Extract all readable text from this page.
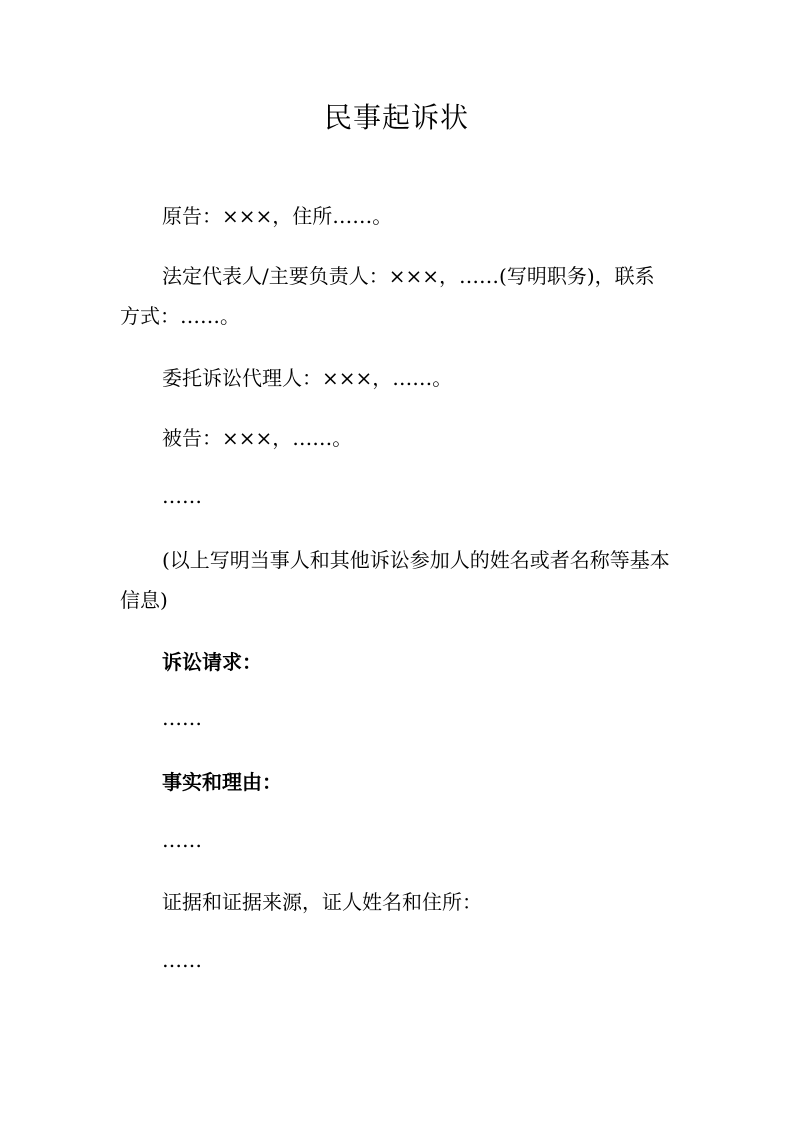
民事起诉状
原告：×××，住所……。
法定代表人/主要负责人：×××，……(写明职务)，联系方式：……。
委托诉讼代理人：×××，……。
被告：×××，……。
……
(以上写明当事人和其他诉讼参加人的姓名或者名称等基本信息)
诉讼请求：
……
事实和理由：
……
证据和证据来源，证人姓名和住所：
……
